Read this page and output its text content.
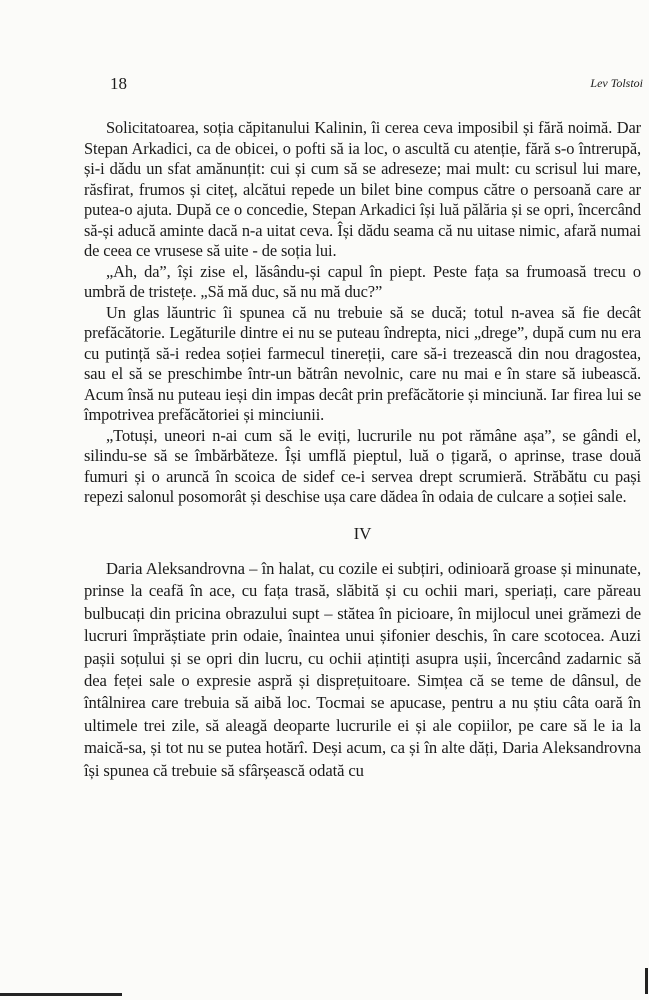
18	Lev Tolstoi

Solicitatoarea, soția căpitanului Kalinin, îi cerea ceva imposibil și fără noimă. Dar Stepan Arkadici, ca de obicei, o pofti să ia loc, o ascultă cu atenție, fără s-o întrerupă, și-i dădu un sfat amănunțit: cui și cum să se adreseze; mai mult: cu scrisul lui mare, răsfirat, frumos și citeț, alcătui repede un bilet bine compus către o persoană care ar putea-o ajuta. După ce o concedie, Stepan Arkadici își luă pălăria și se opri, încercând să-și aducă aminte dacă n-a uitat ceva. Își dădu seama că nu uitase nimic, afară numai de ceea ce vrusese să uite - de soția lui.

„Ah, da”, își zise el, lăsându-și capul în piept. Peste fața sa frumoasă trecu o umbră de tristețe. „Să mă duc, să nu mă duc?”

Un glas lăuntric îi spunea că nu trebuie să se ducă; totul n-avea să fie decât prefăcătorie. Legăturile dintre ei nu se puteau îndrepta, nici „drege”, după cum nu era cu putință să-i redea soției farmecul tinereții, care să-i trezească din nou dragostea, sau el să se preschimbe într-un bătrân nevolnic, care nu mai e în stare să iubească. Acum însă nu puteau ieși din impas decât prin prefăcătorie și minciună. Iar firea lui se împotrivea prefăcătoriei și minciunii.

„Totuși, uneori n-ai cum să le eviți, lucrurile nu pot rămâne așa”, se gândi el, silindu-se să se îmbărbăteze. Își umflă pieptul, luă o țigară, o aprinse, trase două fumuri și o aruncă în scoica de sidef ce-i servea drept scrumieră. Străbătu cu pași repezi salonul posomorât și deschise ușa care dădea în odaia de culcare a soției sale.

IV

Daria Aleksandrovna – în halat, cu cozile ei subțiri, odinioară groase și minunate, prinse la ceafă în ace, cu fața trasă, slăbită și cu ochii mari, speriați, care păreau bulbucați din pricina obrazului supt – stătea în picioare, în mijlocul unei grămezi de lucruri împrăștiate prin odaie, înaintea unui șifonier deschis, în care scotocea. Auzi pașii soțului și se opri din lucru, cu ochii ațintiți asupra ușii, încercând zadarnic să dea feței sale o expresie aspră și disprețuitoare. Simțea că se teme de dânsul, de întâlnirea care trebuia să aibă loc. Tocmai se apucase, pentru a nu știu câta oară în ultimele trei zile, să aleagă deoparte lucrurile ei și ale copiilor, pe care să le ia la maică-sa, și tot nu se putea hotărî. Deși acum, ca și în alte dăți, Daria Aleksandrovna își spunea că trebuie să sfârșească odată cu
